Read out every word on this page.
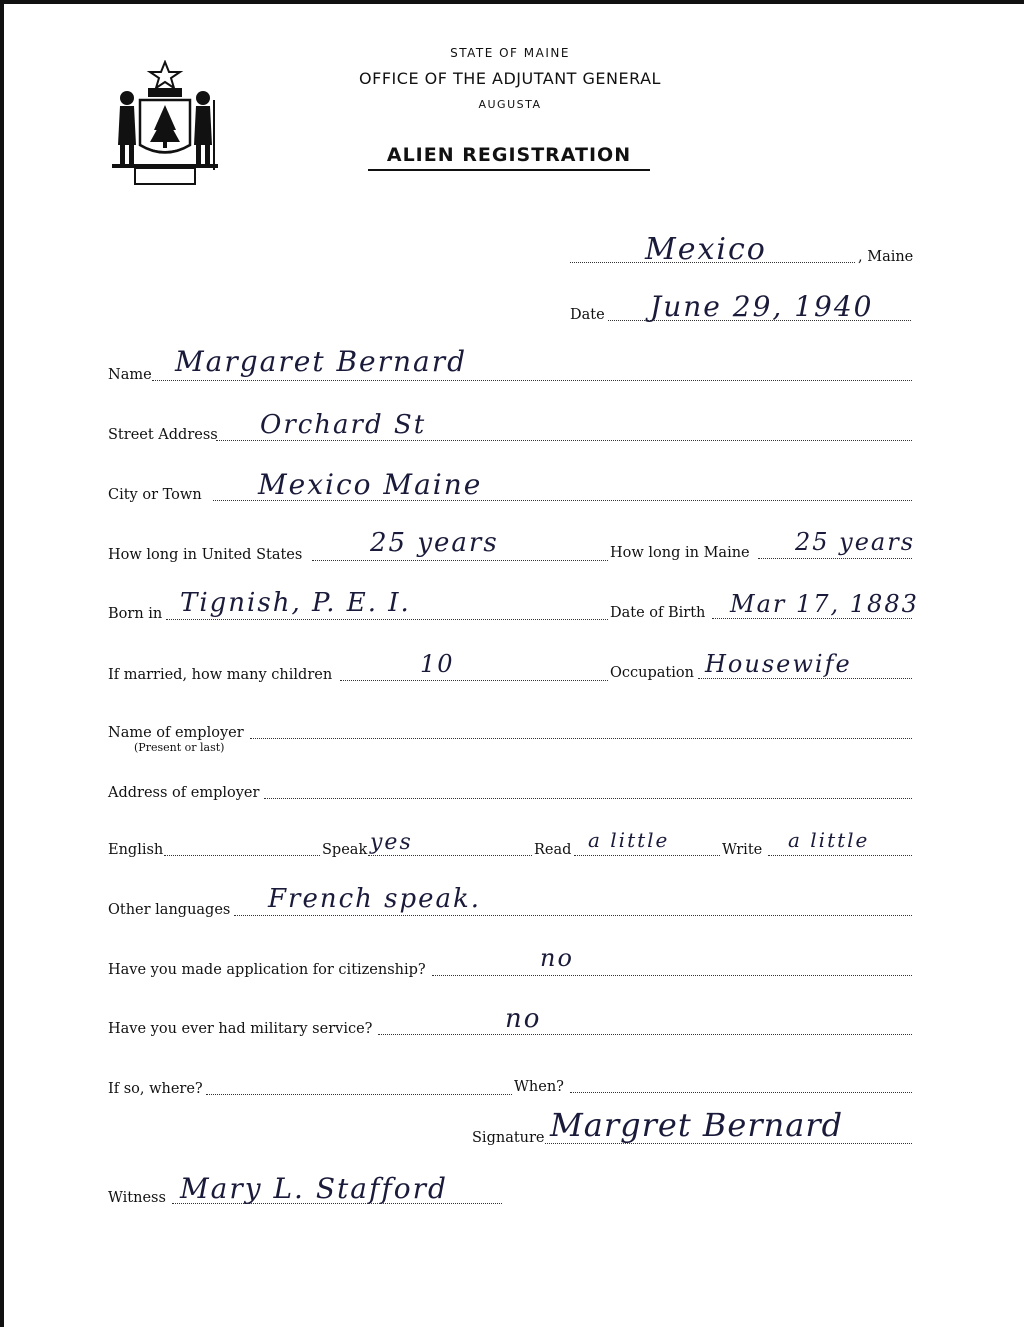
STATE OF MAINE
OFFICE OF THE ADJUTANT GENERAL
AUGUSTA
ALIEN REGISTRATION
Mexico	, Maine
Date June 29, 1940
Name Margaret Bernard
Street Address Orchard St
City or Town Mexico Maine
How long in United States	25 years	How long in Maine 25 years
Born in Tignish, P. E. I.	Date of Birth Mar 17, 1883
If married, how many children	10	Occupation Housewife
Name of employer
(Present or last)
Address of employer
English	Speak yes	Read a little	Write a little
Other languages French speak.
Have you made application for citizenship?	no
Have you ever had military service?	no
If so, where?	When?
Signature Margret Bernard
Witness Mary L. Stafford
